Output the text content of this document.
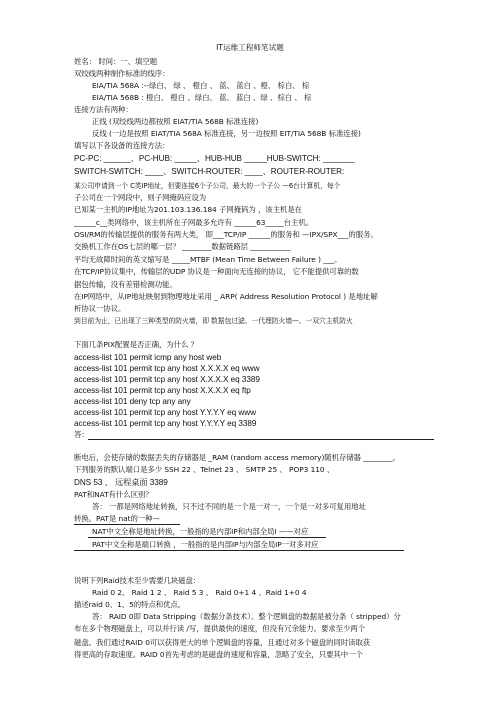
IT运维工程师笔试题
姓名： 时间：一、填空题
双绞线两种制作标准的线序：
EIA/TIA 568A :--绿白、 绿 、 橙白 、 蓝、 蓝白 、橙、 棕白、 棕
EIA/TIA 568B : 橙白、 橙白 、绿白、 蓝、 蓝白 、绿 、棕白 、 棕
连接方法有两种：
正线 (双绞线两边都按照 EIAT/TIA 568B 标准连接)
反线 (一边是按照 EIAT/TIA 568A 标准连接，另一边按照 EIT/TIA 568B 标准连接)
填写以下各设备的连接方法：
PC-PC: ______、PC-HUB: _____、HUB-HUB _____HUB-SWITCH: _______
SWITCH-SWITCH: ____、SWITCH-ROUTER: ____、ROUTER-ROUTER:
某公司申请到一个 C类IP地址，但要连接6个子公司，最大的一个子公 —6台计算机，每个
子公司在一个网段中，则子网掩码应设为
已知某一主机的IP地址为201.103.136.184 子网掩码为 ，该主机是在
______c__类网络中，该主机所在子网最多允许有 ______63_____台主机。
OSI/RM的传输层提供的服务有两大类， 即___TCP/IP ______的服务和 —IPX/SPX___的服务。
交换机工作在OS七层的哪一层？ ________数据链路层 ___________
平均无故障时间的英文缩写是 _____MTBF (Mean Time Between Failure ) ___。
在TCP/IP协议集中，传输层的UDP 协议是一种面向无连接的协议， 它不能提供可靠的数
据包传输，没有差错检测功能。
在IP网络中，从IP地址映射到物理地址采用 _ ARP( Address Resolution Protocol ) 是地址解
析协议一协议。
到目前为止，已出现了三种类型的防火墙，即 数据包过滤、一代理防火墙—、一双穴主机防火
下面几条PIX配置是否正确，为什么 ？
access-list 101 permit icmp any host web
access-list 101 permit tcp any host X.X.X.X eq www
access-list 101 permit tcp any host X.X.X.X eq 3389
access-list 101 permit tcp any host X.X.X.X eq ftp
access-list 101 deny tcp any any
access-list 101 permit tcp any host Y.Y.Y.Y eq www
access-list 101 permit tcp any host Y.Y.Y.Y eq 3389
答：
断电后，会使存储的数据丢失的存储器是 _RAM (random access memory)随机存储器 ________。
下列服务的默认端口是多少 SSH 22 、Telnet 23 、 SMTP 25 、 POP3 110 、
DNS 53 、 远程桌面 3389
PAT和NAT有什么区别？
答： 一都是网络地址转换，只不过不同的是一个是一对一，一个是一对多可复用地址
转换。PAT是 nat的一种—
NAT中文全称是地址转换，一般指的是内部IP和内部全局I ——对应
PAT中文全称是端口转换 ，一般指的是内部IP与内部全局IP一对多对应
说明下列Raid技术至少需要几块磁盘：
Raid 0 2、 Raid 1 2 、 Raid 5 3 、 Raid 0+1 4 、Raid 1+0 4
描述raid 0、1、5的特点和优点。
答： RAID 0即 Data Stripping（数据分条技术）。整个逻辑盘的数据是被分条（ stripped）分
布在多个物理磁盘上，可以并行读 /写，提供最快的速度，但没有冗余能力。要求至少两个
磁盘。我们通过RAID 0可以获得更大的单个逻辑盘的容量，且通过对多个磁盘的同时读取获
得更高的存取速度。RAID 0首先考虑的是磁盘的速度和容量，忽略了安全，只要其中一个
